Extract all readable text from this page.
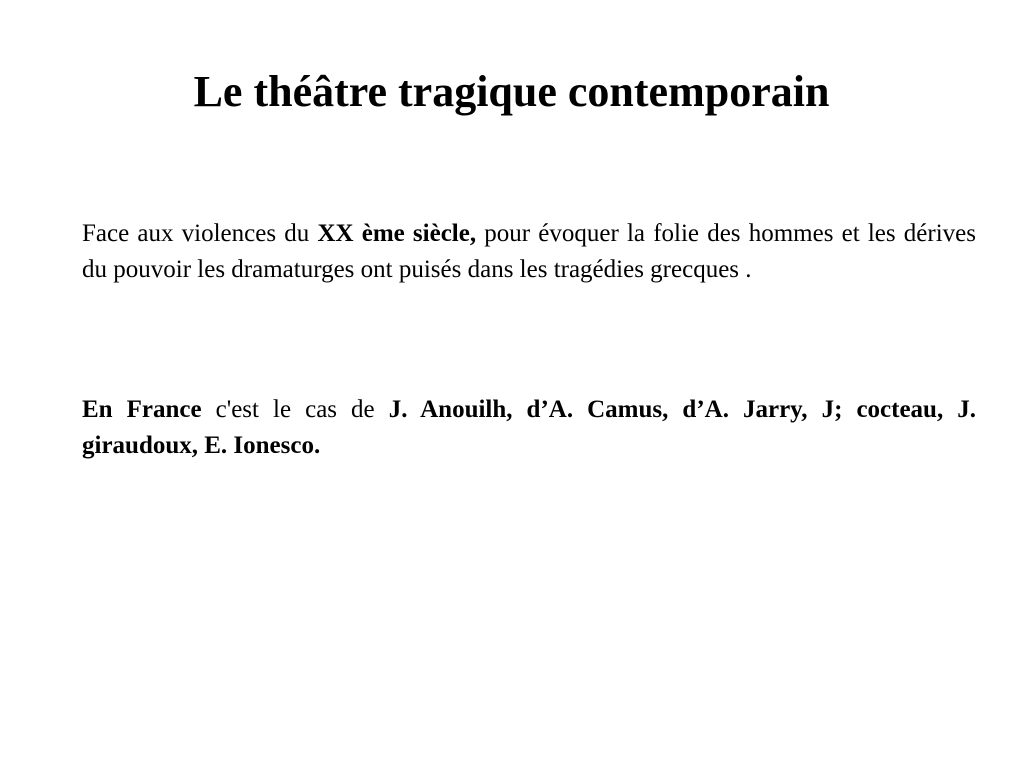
Le théâtre tragique contemporain

Face aux violences du XX ème siècle, pour évoquer la folie des hommes et les dérives du pouvoir les dramaturges ont puisés dans les tragédies grecques .

En France c'est le cas de J. Anouilh, d’A. Camus, d’A. Jarry, J; cocteau, J. giraudoux, E. Ionesco.
